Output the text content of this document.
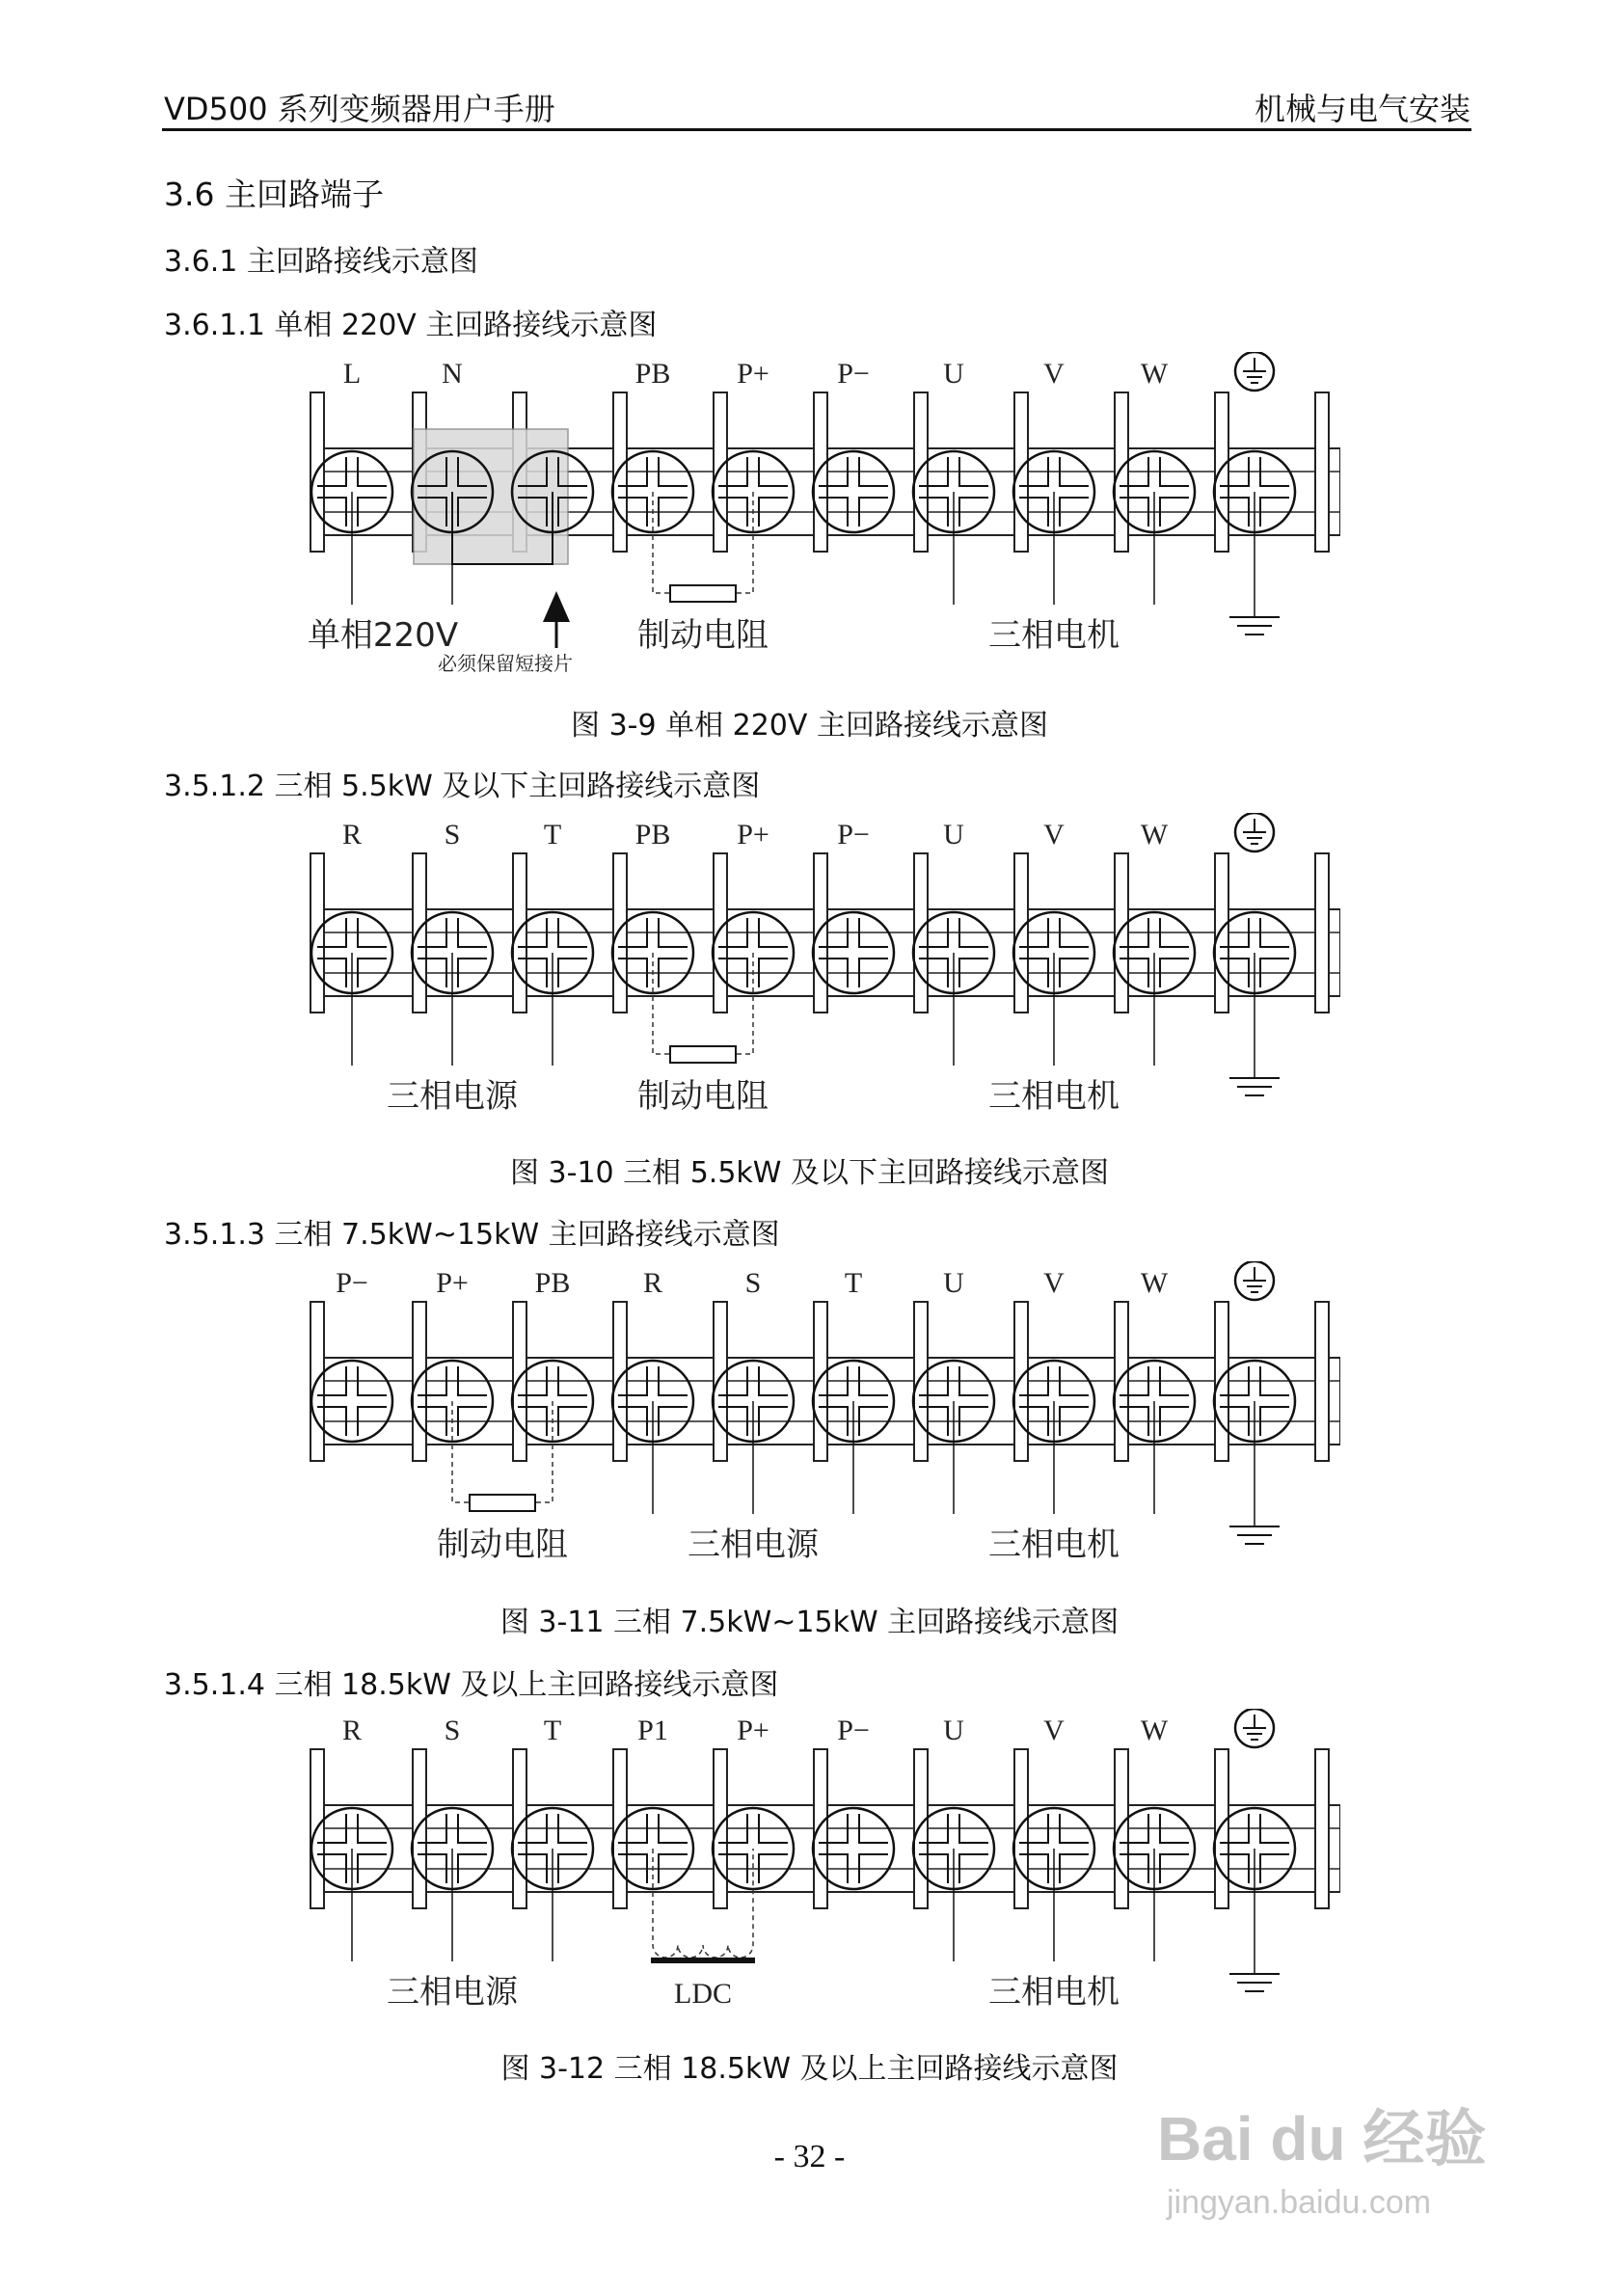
VD500 系列变频器用户手册	机械与电气安装
3.6 主回路端子
3.6.1 主回路接线示意图
3.6.1.1 单相 220V 主回路接线示意图
L	N	PB P+ P−	U	V	W
单相220V	制动电阻	三相电机
必须保留短接片
图 3-9 单相 220V 主回路接线示意图
3.5.1.2 三相 5.5kW 及以下主回路接线示意图
R	S	T	PB P+ P−	U	V	W
三相电源	制动电阻	三相电机
图 3-10 三相 5.5kW 及以下主回路接线示意图
3.5.1.3 三相 7.5kW~15kW 主回路接线示意图
P− P+ PB	R	S	T	U	V	W
制动电阻	三相电源	三相电机
图 3-11 三相 7.5kW~15kW 主回路接线示意图
3.5.1.4 三相 18.5kW 及以上主回路接线示意图
R	S	T	P1 P+ P−	U	V	W
三相电源	LDC	三相电机
图 3-12 三相 18.5kW 及以上主回路接线示意图
- 32 -	Bai du 经验
jingyan.baidu.com
